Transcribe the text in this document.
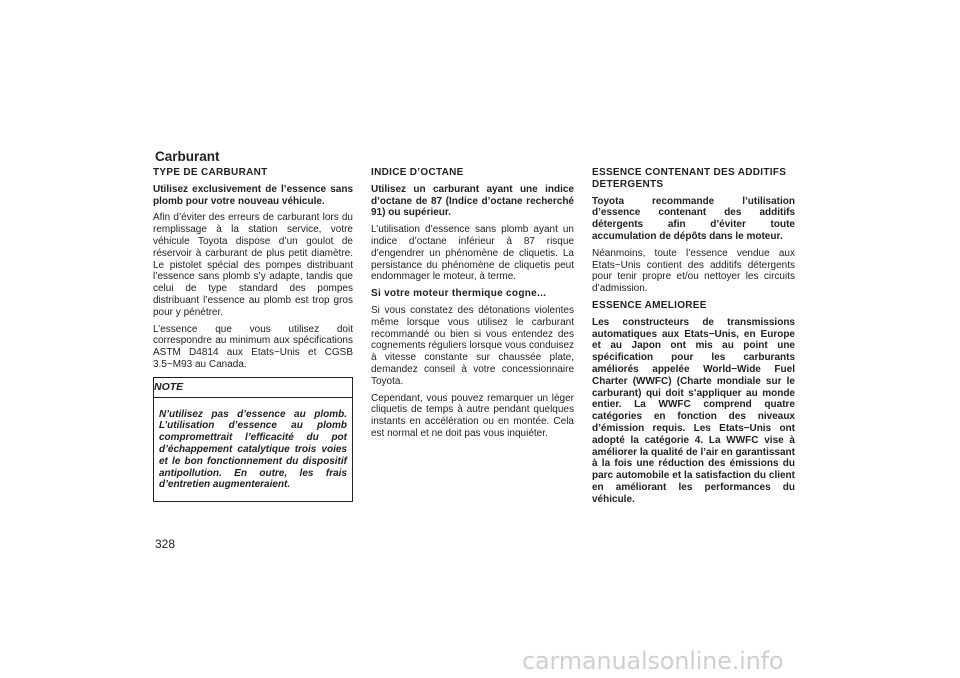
Carburant

TYPE DE CARBURANT

Utilisez exclusivement de l’essence sans plomb pour votre nouveau véhicule.

Afin d’éviter des erreurs de carburant lors du remplissage à la station service, votre véhicule Toyota dispose d’un goulot de réservoir à carburant de plus petit diamètre. Le pistolet spécial des pompes distribuant l’essence sans plomb s’y adapte, tandis que celui de type standard des pompes distribuant l’essence au plomb est trop gros pour y pénétrer.

L’essence que vous utilisez doit correspondre au minimum aux spécifications ASTM D4814 aux Etats−Unis et CGSB 3.5−M93 au Canada.

NOTE

N’utilisez pas d’essence au plomb. L’utilisation d’essence au plomb compromettrait l’efficacité du pot d’échappement catalytique trois voies et le bon fonctionnement du dispositif antipollution. En outre, les frais d’entretien augmenteraient.

INDICE D’OCTANE

Utilisez un carburant ayant une indice d’octane de 87 (Indice d’octane recherché 91) ou supérieur.

L’utilisation d’essence sans plomb ayant un indice d’octane inférieur à 87 risque d’engendrer un phénomène de cliquetis. La persistance du phénomène de cliquetis peut endommager le moteur, à terme.

Si votre moteur thermique cogne...

Si vous constatez des détonations violentes même lorsque vous utilisez le carburant recommandé ou bien si vous entendez des cognements réguliers lorsque vous conduisez à vitesse constante sur chaussée plate, demandez conseil à votre concessionnaire Toyota.

Cependant, vous pouvez remarquer un léger cliquetis de temps à autre pendant quelques instants en accélération ou en montée. Cela est normal et ne doit pas vous inquiéter.

ESSENCE CONTENANT DES ADDITIFS DETERGENTS

Toyota recommande l’utilisation d’essence contenant des additifs détergents afin d’éviter toute accumulation de dépôts dans le moteur.

Néanmoins, toute l’essence vendue aux Etats−Unis contient des additifs détergents pour tenir propre et/ou nettoyer les circuits d’admission.

ESSENCE AMELIOREE

Les constructeurs de transmissions automatiques aux Etats−Unis, en Europe et au Japon ont mis au point une spécification pour les carburants améliorés appelée World−Wide Fuel Charter (WWFC) (Charte mondiale sur le carburant) qui doit s’appliquer au monde entier. La WWFC comprend quatre catégories en fonction des niveaux d’émission requis. Les Etats−Unis ont adopté la catégorie 4. La WWFC vise à améliorer la qualité de l’air en garantissant à la fois une réduction des émissions du parc automobile et la satisfaction du client en améliorant les performances du véhicule.

328

carmanualsonline.info
